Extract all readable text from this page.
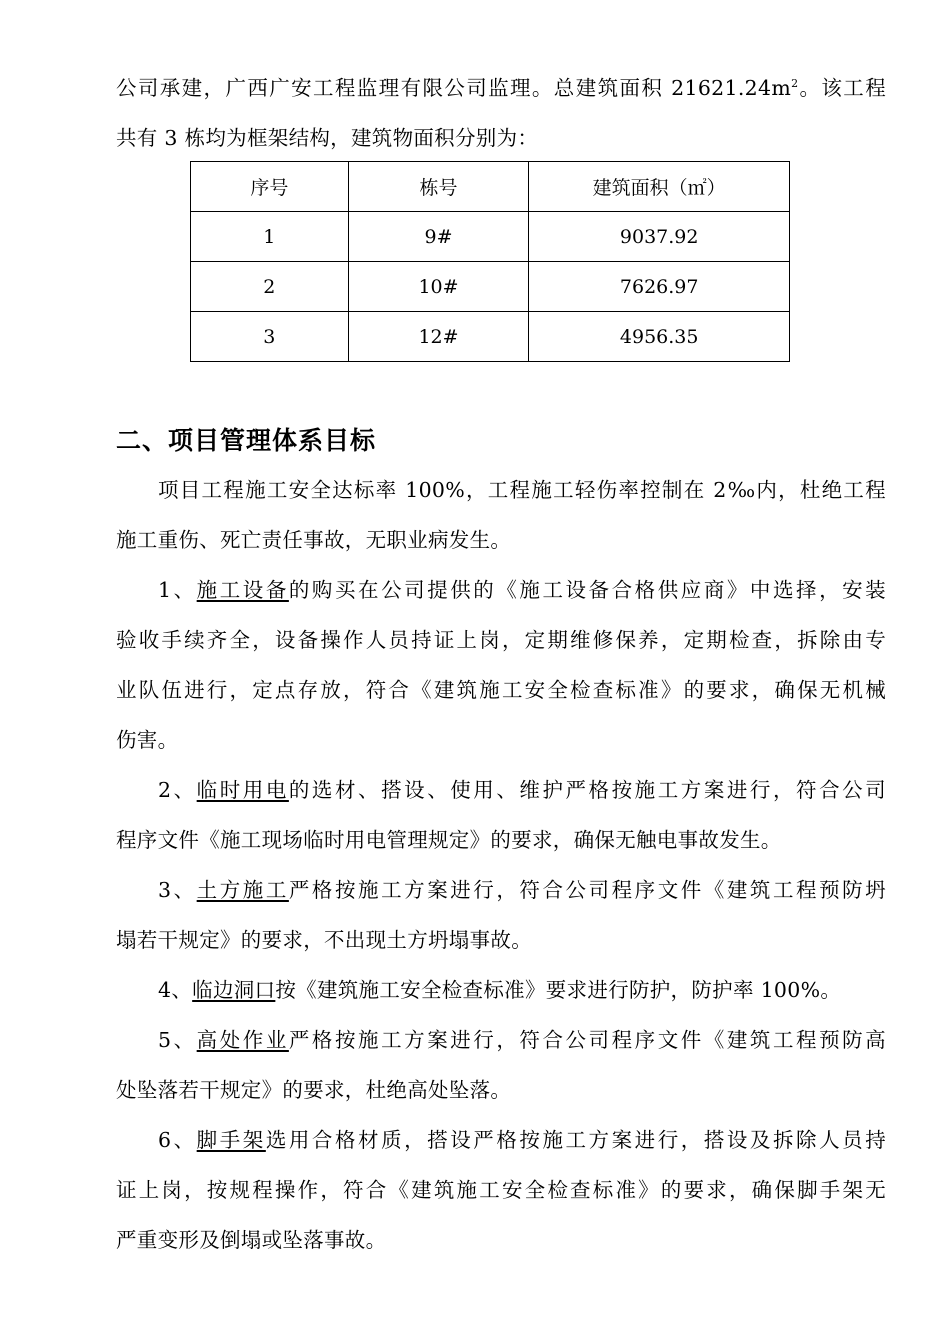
公司承建，广西广安工程监理有限公司监理。总建筑面积 $21621.24m^2$。该工程
共有 3 栋均为框架结构，建筑物面积分别为：
序号	栋号	建筑面积（㎡）
1	9#	9037.92
2	10#	7626.97
3	12#	4956.35
二、项目管理体系目标
项目工程施工安全达标率 100%，工程施工轻伤率控制在 2‰内，杜绝工程
施工重伤、死亡责任事故，无职业病发生。
1、施工设备的购买在公司提供的《施工设备合格供应商》中选择，安装
验收手续齐全，设备操作人员持证上岗，定期维修保养，定期检查，拆除由专
业队伍进行，定点存放，符合《建筑施工安全检查标准》的要求，确保无机械
伤害。
2、临时用电的选材、搭设、使用、维护严格按施工方案进行，符合公司
程序文件《施工现场临时用电管理规定》的要求，确保无触电事故发生。
3、土方施工严格按施工方案进行，符合公司程序文件《建筑工程预防坍
塌若干规定》的要求，不出现土方坍塌事故。
4、临边洞口按《建筑施工安全检查标准》要求进行防护，防护率 100%。
5、高处作业严格按施工方案进行，符合公司程序文件《建筑工程预防高
处坠落若干规定》的要求，杜绝高处坠落。
6、脚手架选用合格材质，搭设严格按施工方案进行，搭设及拆除人员持
证上岗，按规程操作，符合《建筑施工安全检查标准》的要求，确保脚手架无
严重变形及倒塌或坠落事故。
